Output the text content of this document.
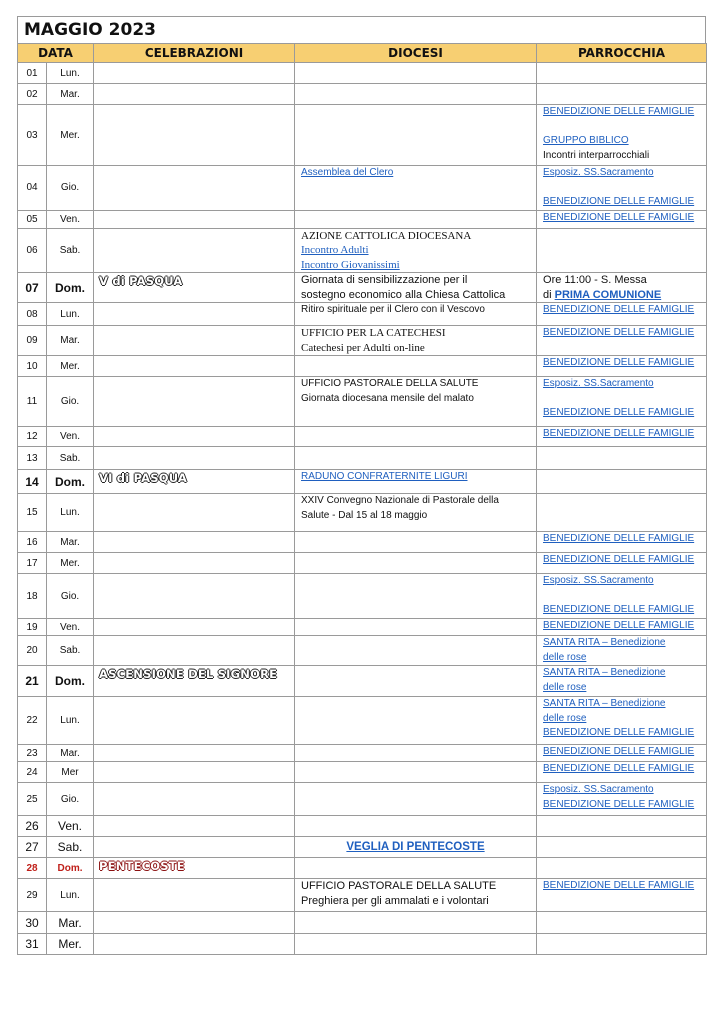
MAGGIO 2023
DATA		CELEBRAZIONI	DIOCESI	PARROCCHIA
01	Lun.			
02	Mar.			
03	Mer.			BENEDIZIONE DELLE FAMIGLIE
GRUPPO BIBLICO
Incontri interparrocchiali

04	Gio.		Assemblea del Clero	Esposiz. SS.Sacramento
BENEDIZIONE DELLE FAMIGLIE

05	Ven.			BENEDIZIONE DELLE FAMIGLIE

06	Sab.		AZIONE CATTOLICA DIOCESANA
Incontro Adulti
Incontro Giovanissimi	

07	Dom.	V di PASQUA	Giornata di sensibilizzazione per il
sostegno economico alla Chiesa Cattolica	Ore 11:00 - S. Messa
di PRIMA COMUNIONE

08	Lun.		Ritiro spirituale per il Clero con il Vescovo	BENEDIZIONE DELLE FAMIGLIE

09	Mar.		UFFICIO PER LA CATECHESI
Catechesi per Adulti on-line	BENEDIZIONE DELLE FAMIGLIE

10	Mer.			BENEDIZIONE DELLE FAMIGLIE

11	Gio.		UFFICIO PASTORALE DELLA SALUTE
Giornata diocesana mensile del malato	Esposiz. SS.Sacramento
BENEDIZIONE DELLE FAMIGLIE

12	Ven.			BENEDIZIONE DELLE FAMIGLIE

13	Sab.			
14	Dom.	VI di PASQUA	RADUNO CONFRATERNITE LIGURI	

15	Lun.		XXIV Convegno Nazionale di Pastorale della
Salute - Dal 15 al 18 maggio	

16	Mar.			BENEDIZIONE DELLE FAMIGLIE

17	Mer.			BENEDIZIONE DELLE FAMIGLIE

18	Gio.			Esposiz. SS.Sacramento
BENEDIZIONE DELLE FAMIGLIE

19	Ven.			BENEDIZIONE DELLE FAMIGLIE

20	Sab.			SANTA RITA – Benedizione
delle rose

21	Dom.	ASCENSIONE DEL SIGNORE		SANTA RITA – Benedizione
delle rose

22	Lun.			SANTA RITA – Benedizione
delle rose
BENEDIZIONE DELLE FAMIGLIE

23	Mar.			BENEDIZIONE DELLE FAMIGLIE

24	Mer			BENEDIZIONE DELLE FAMIGLIE

25	Gio.			Esposiz. SS.Sacramento
BENEDIZIONE DELLE FAMIGLIE

26	Ven.			
27	Sab.		VEGLIA DI PENTECOSTE	

28	Dom.	PENTECOSTE		

29	Lun.		UFFICIO PASTORALE DELLA SALUTE
Preghiera per gli ammalati e i volontari	BENEDIZIONE DELLE FAMIGLIE

30	Mar.			
31	Mer.			
